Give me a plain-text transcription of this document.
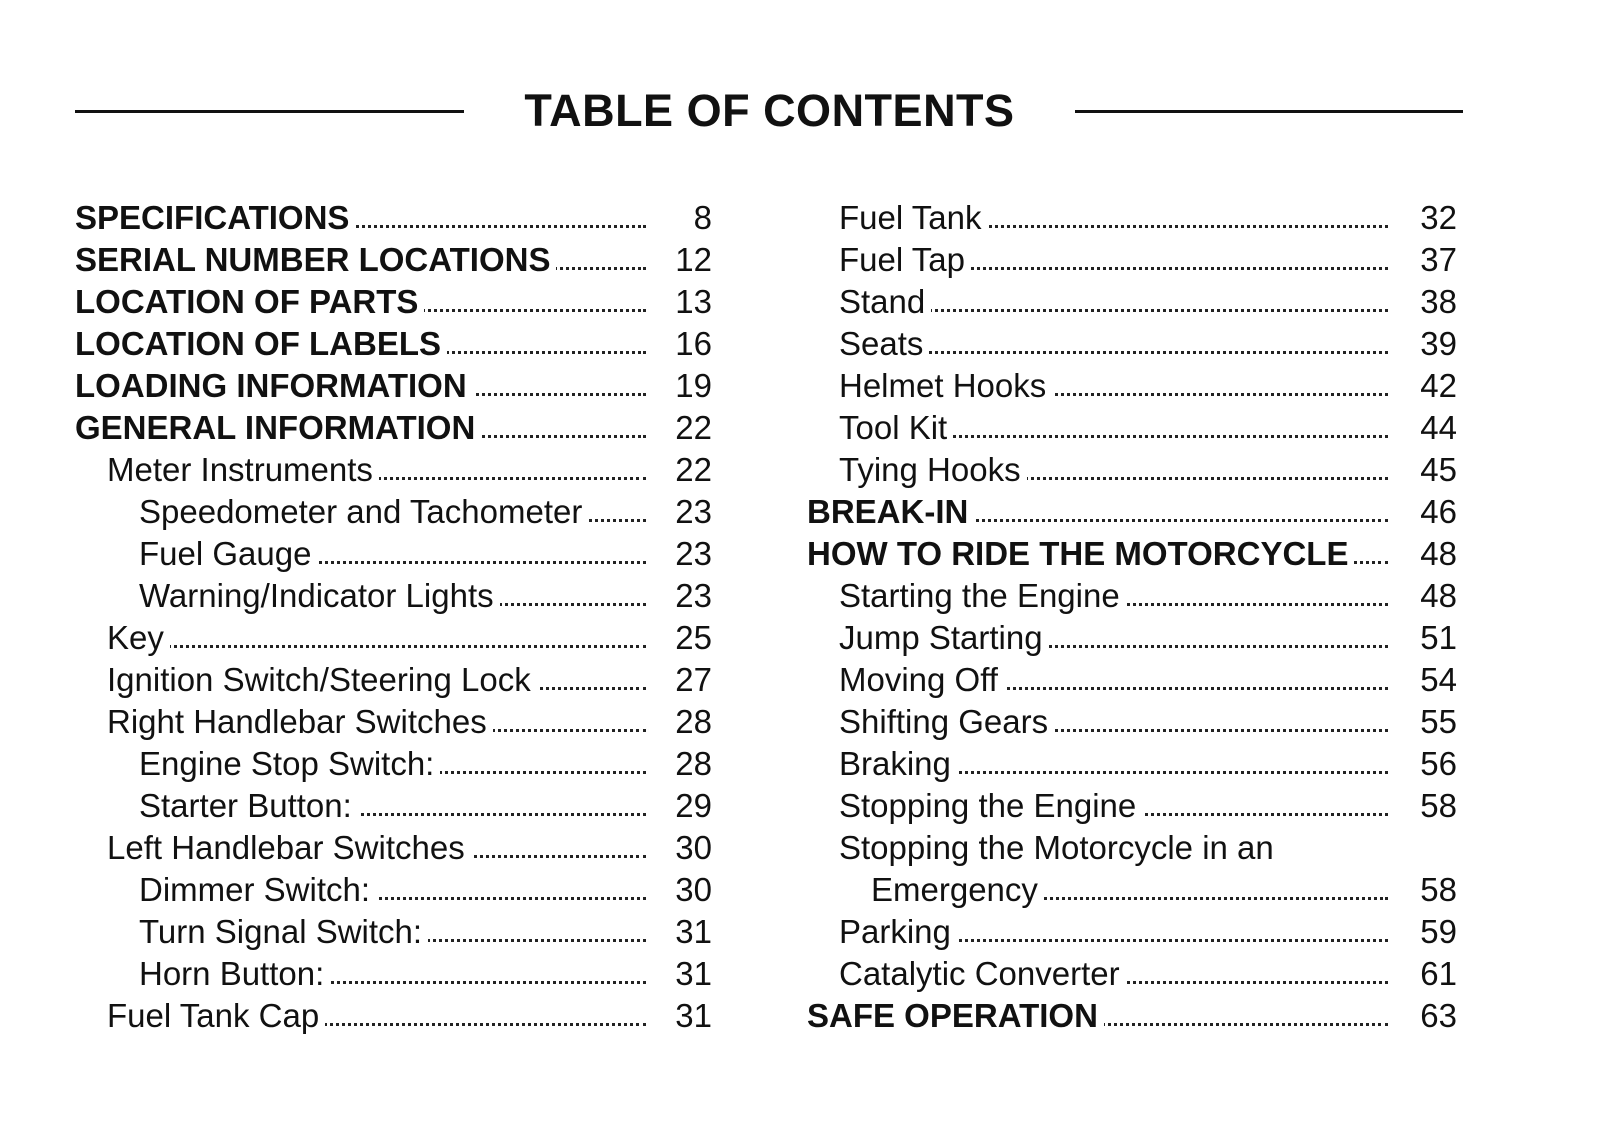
TABLE OF CONTENTS
SPECIFICATIONS	8
SERIAL NUMBER LOCATIONS	12
LOCATION OF PARTS	13
LOCATION OF LABELS	16
LOADING INFORMATION	19
GENERAL INFORMATION	22
Meter Instruments	22
Speedometer and Tachometer	23
Fuel Gauge	23
Warning/Indicator Lights	23
Key	25
Ignition Switch/Steering Lock	27
Right Handlebar Switches	28
Engine Stop Switch:	28
Starter Button:	29
Left Handlebar Switches	30
Dimmer Switch:	30
Turn Signal Switch:	31
Horn Button:	31
Fuel Tank Cap	31
Fuel Tank	32
Fuel Tap	37
Stand	38
Seats	39
Helmet Hooks	42
Tool Kit	44
Tying Hooks	45
BREAK-IN	46
HOW TO RIDE THE MOTORCYCLE	48
Starting the Engine	48
Jump Starting	51
Moving Off	54
Shifting Gears	55
Braking	56
Stopping the Engine	58
Stopping the Motorcycle in an
Emergency	58
Parking	59
Catalytic Converter	61
SAFE OPERATION	63
